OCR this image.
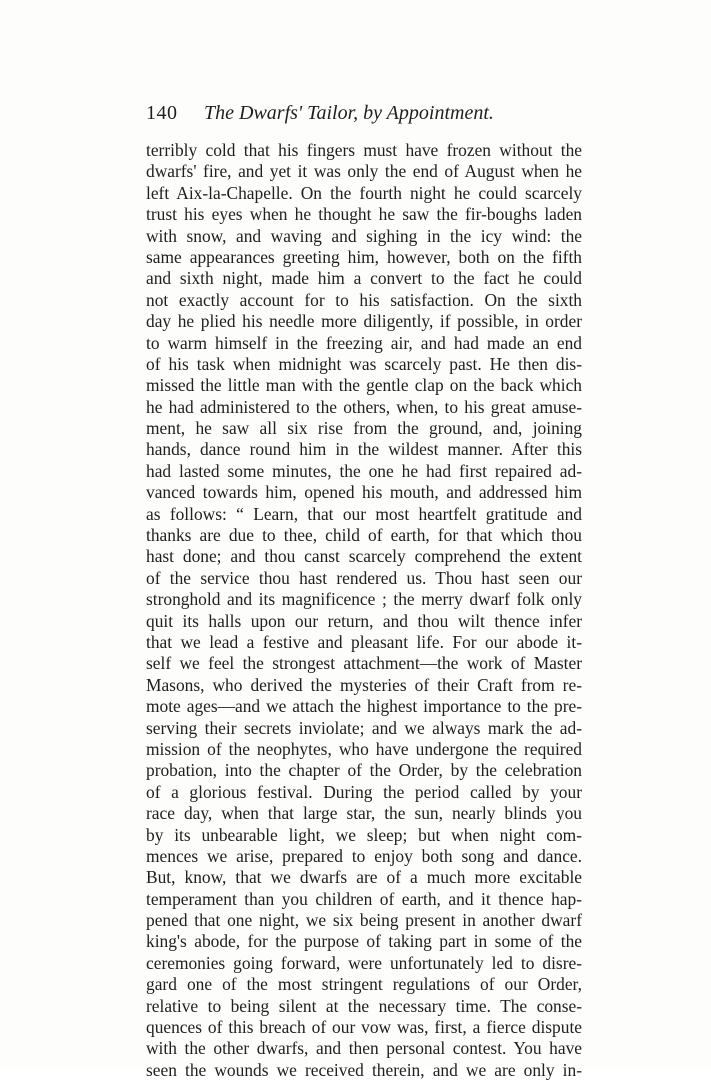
140 The Dwarfs' Tailor, by Appointment.
terribly cold that his fingers must have frozen without the
dwarfs' fire, and yet it was only the end of August when he
left Aix-la-Chapelle. On the fourth night he could scarcely
trust his eyes when he thought he saw the fir-boughs laden
with snow, and waving and sighing in the icy wind: the
same appearances greeting him, however, both on the fifth
and sixth night, made him a convert to the fact he could
not exactly account for to his satisfaction. On the sixth
day he plied his needle more diligently, if possible, in order
to warm himself in the freezing air, and had made an end
of his task when midnight was scarcely past. He then dis-
missed the little man with the gentle clap on the back which
he had administered to the others, when, to his great amuse-
ment, he saw all six rise from the ground, and, joining
hands, dance round him in the wildest manner. After this
had lasted some minutes, the one he had first repaired ad-
vanced towards him, opened his mouth, and addressed him
as follows: “ Learn, that our most heartfelt gratitude and
thanks are due to thee, child of earth, for that which thou
hast done; and thou canst scarcely comprehend the extent
of the service thou hast rendered us. Thou hast seen our
stronghold and its magnificence ; the merry dwarf folk only
quit its halls upon our return, and thou wilt thence infer
that we lead a festive and pleasant life. For our abode it-
self we feel the strongest attachment—the work of Master
Masons, who derived the mysteries of their Craft from re-
mote ages—and we attach the highest importance to the pre-
serving their secrets inviolate; and we always mark the ad-
mission of the neophytes, who have undergone the required
probation, into the chapter of the Order, by the celebration
of a glorious festival. During the period called by your
race day, when that large star, the sun, nearly blinds you
by its unbearable light, we sleep; but when night com-
mences we arise, prepared to enjoy both song and dance.
But, know, that we dwarfs are of a much more excitable
temperament than you children of earth, and it thence hap-
pened that one night, we six being present in another dwarf
king's abode, for the purpose of taking part in some of the
ceremonies going forward, were unfortunately led to disre-
gard one of the most stringent regulations of our Order,
relative to being silent at the necessary time. The conse-
quences of this breach of our vow was, first, a fierce dispute
with the other dwarfs, and then personal contest. You have
seen the wounds we received therein, and we are only in-
